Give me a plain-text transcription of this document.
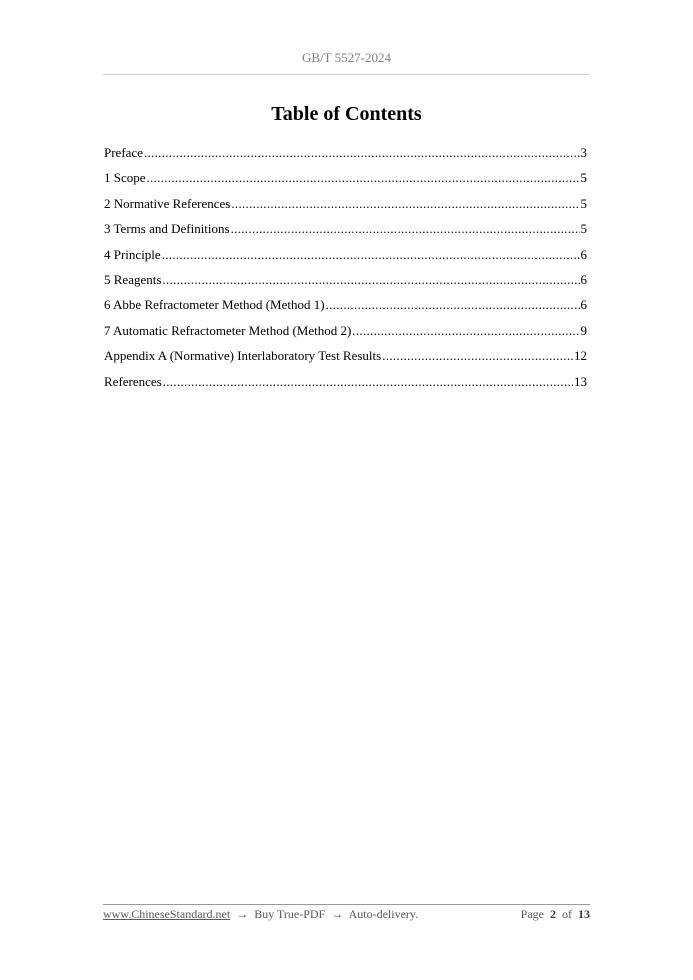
GB/T 5527-2024
Table of Contents
Preface .....	3
1 Scope .....	5
2 Normative References .....	5
3 Terms and Definitions .....	5
4 Principle .....	6
5 Reagents .....	6
6 Abbe Refractometer Method (Method 1) .....	6
7 Automatic Refractometer Method (Method 2) .....	9
Appendix A (Normative) Interlaboratory Test Results .....	12
References .....	13
www.ChineseStandard.net → Buy True-PDF → Auto-delivery.	Page 2 of 13
